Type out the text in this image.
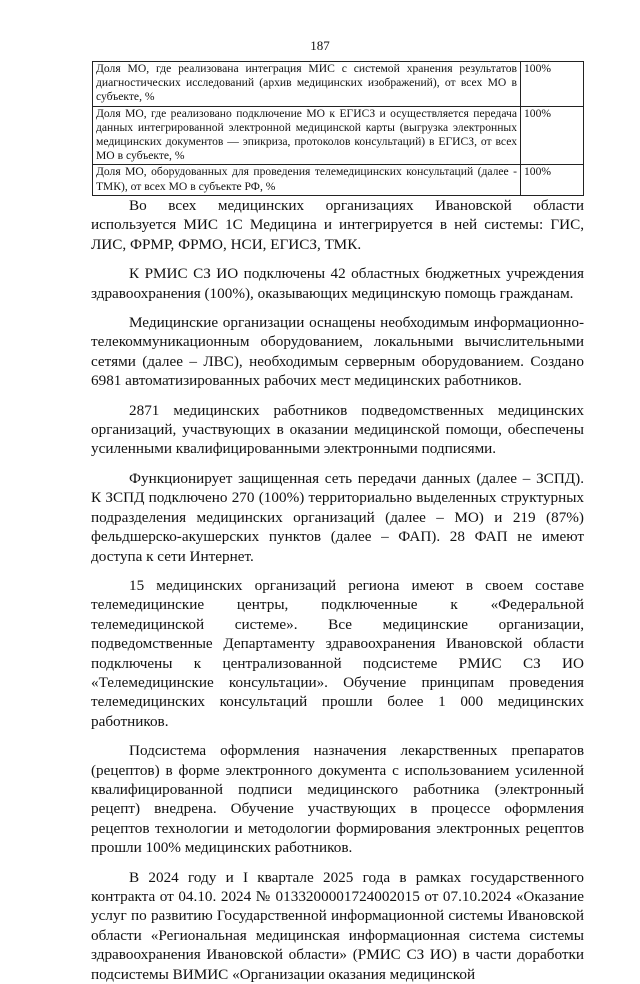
187
Доля МО, где реализована интеграция МИС с системой хранения результатов диагностических исследований (архив медицинских изображений), от всех МО в субъекте, %	100%
Доля МО, где реализовано подключение МО к ЕГИСЗ и осуществляется передача данных интегрированной электронной медицинской карты (выгрузка электронных медицинских документов — эпикриза, протоколов консультаций) в ЕГИСЗ, от всех МО в субъекте, %	100%
Доля МО, оборудованных для проведения телемедицинских консультаций (далее - ТМК), от всех МО в субъекте РФ, %	100%

Во всех медицинских организациях Ивановской области используется МИС 1С Медицина и интегрируется в ней системы: ГИС, ЛИС, ФРМР, ФРМО, НСИ, ЕГИСЗ, ТМК.

К РМИС СЗ ИО подключены 42 областных бюджетных учреждения здравоохранения (100%), оказывающих медицинскую помощь гражданам.

Медицинские организации оснащены необходимым информационно-телекоммуникационным оборудованием, локальными вычислительными сетями (далее – ЛВС), необходимым серверным оборудованием. Создано 6981 автоматизированных рабочих мест медицинских работников.

2871 медицинских работников подведомственных медицинских организаций, участвующих в оказании медицинской помощи, обеспечены усиленными квалифицированными электронными подписями.

Функционирует защищенная сеть передачи данных (далее – ЗСПД). К ЗСПД подключено 270 (100%) территориально выделенных структурных подразделения медицинских организаций (далее – МО) и 219 (87%) фельдшерско-акушерских пунктов (далее – ФАП). 28 ФАП не имеют доступа к сети Интернет.

15 медицинских организаций региона имеют в своем составе телемедицинские центры, подключенные к «Федеральной телемедицинской системе». Все медицинские организации, подведомственные Департаменту здравоохранения Ивановской области подключены к централизованной подсистеме РМИС СЗ ИО «Телемедицинские консультации». Обучение принципам проведения телемедицинских консультаций прошли более 1 000 медицинских работников.

Подсистема оформления назначения лекарственных препаратов (рецептов) в форме электронного документа с использованием усиленной квалифицированной подписи медицинского работника (электронный рецепт) внедрена. Обучение участвующих в процессе оформления рецептов технологии и методологии формирования электронных рецептов прошли 100% медицинских работников.

В 2024 году и I квартале 2025 года в рамках государственного контракта от 04.10. 2024 № 0133200001724002015 от 07.10.2024 «Оказание услуг по развитию Государственной информационной системы Ивановской области «Региональная медицинская информационная система системы здравоохранения Ивановской области» (РМИС СЗ ИО) в части доработки подсистемы ВИМИС «Организации оказания медицинской
